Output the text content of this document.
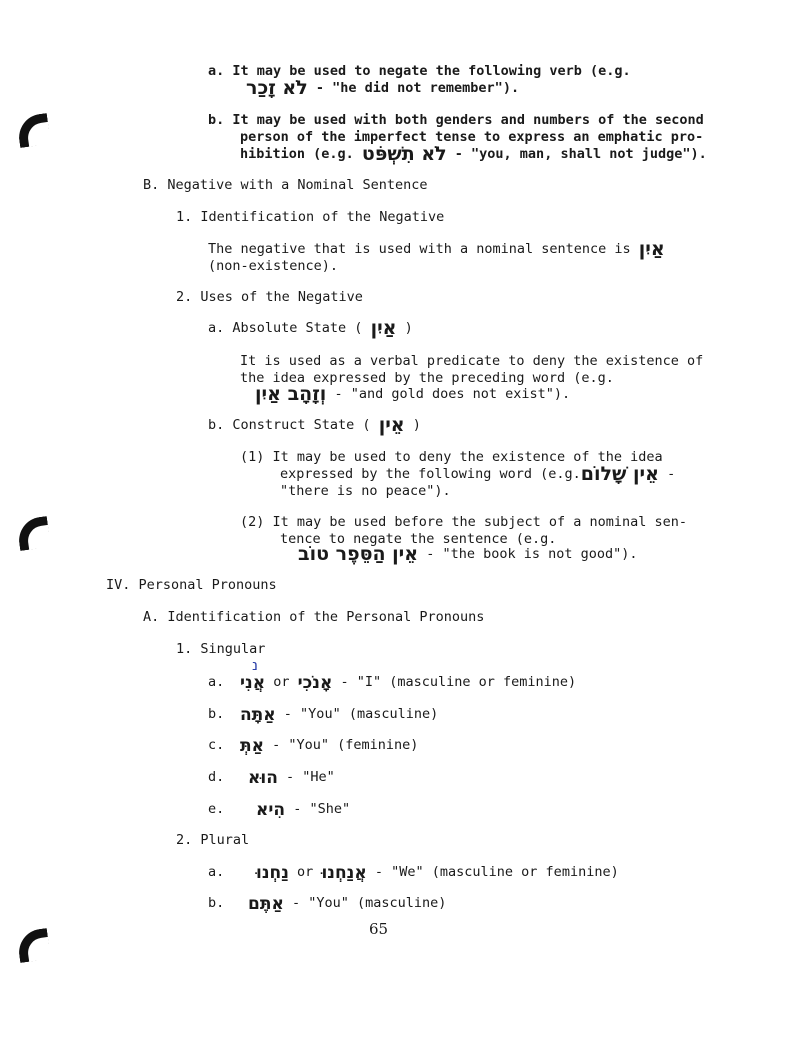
a. It may be used to negate the following verb (e.g.
לֹא זָכַר - "he did not remember").
b. It may be used with both genders and numbers of the second
person of the imperfect tense to express an emphatic pro-
hibition (e.g. לֹא תִשְׁפֹּט - "you, man, shall not judge").
B. Negative with a Nominal Sentence
1. Identification of the Negative
The negative that is used with a nominal sentence is אַיִן
(non-existence).
2. Uses of the Negative
a. Absolute State ( אַיִן )
It is used as a verbal predicate to deny the existence of
the idea expressed by the preceding word (e.g.
וְזָהָב אַיִן - "and gold does not exist").
b. Construct State ( אֵין )
(1) It may be used to deny the existence of the idea
expressed by the following word (e.g.אֵין שָׁלוֹם -
"there is no peace").
(2) It may be used before the subject of a nominal sen-
tence to negate the sentence (e.g.
אֵין הַסֵּפֶר טוֹב - "the book is not good").
IV. Personal Pronouns
A. Identification of the Personal Pronouns
1. Singular
נ
a. אֲנִי or אָנֹכִי - "I" (masculine or feminine)
b. אַתָּה - "You" (masculine)
c. אַתְּ - "You" (feminine)
d. הוּא - "He"
e. הִיא - "She"
2. Plural
a. נַחְנוּ or אֲנַחְנוּ - "We" (masculine or feminine)
b. אַתֶּם - "You" (masculine)
65
